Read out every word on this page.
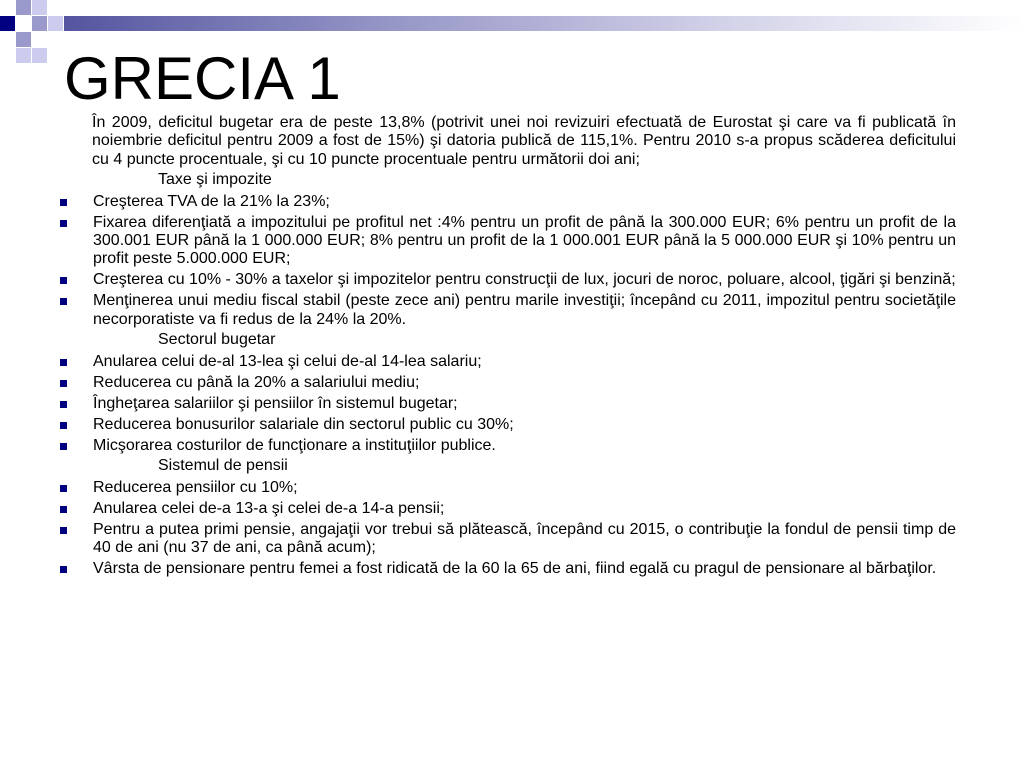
GRECIA 1

În 2009, deficitul bugetar era de peste 13,8% (potrivit unei noi revizuiri efectuată de Eurostat şi care va fi publicată în noiembrie deficitul pentru 2009 a fost de 15%) şi datoria publică de 115,1%. Pentru 2010 s-a propus scăderea deficitului cu 4 puncte procentuale, şi cu 10 puncte procentuale pentru următorii doi ani;

Taxe şi impozite

Creşterea TVA de la 21% la 23%;
Fixarea diferenţiată a impozitului pe profitul net :4% pentru un profit de până la 300.000 EUR; 6% pentru un profit de la 300.001 EUR până la 1 000.000 EUR; 8% pentru un profit de la 1 000.001 EUR până la 5 000.000 EUR şi 10% pentru un profit peste 5.000.000 EUR;
Creşterea cu 10% - 30% a taxelor şi impozitelor pentru construcţii de lux, jocuri de noroc, poluare, alcool, ţigări şi benzină;
Menţinerea unui mediu fiscal stabil (peste zece ani) pentru marile investiţii; începând cu 2011, impozitul pentru societăţile necorporatiste va fi redus de la 24% la 20%.

Sectorul bugetar

Anularea celui de-al 13-lea şi celui de-al 14-lea salariu;
Reducerea cu până la 20% a salariului mediu;
Îngheţarea salariilor şi pensiilor în sistemul bugetar;
Reducerea bonusurilor salariale din sectorul public cu 30%;
Micşorarea costurilor de funcţionare a instituţiilor publice.

Sistemul de pensii

Reducerea pensiilor cu 10%;
Anularea celei de-a 13-a şi celei de-a 14-a pensii;
Pentru a putea primi pensie, angajaţii vor trebui să plătească, începând cu 2015, o contribuţie la fondul de pensii timp de 40 de ani (nu 37 de ani, ca până acum);
Vârsta de pensionare pentru femei a fost ridicată de la 60 la 65 de ani, fiind egală cu pragul de pensionare al bărbaţilor.
